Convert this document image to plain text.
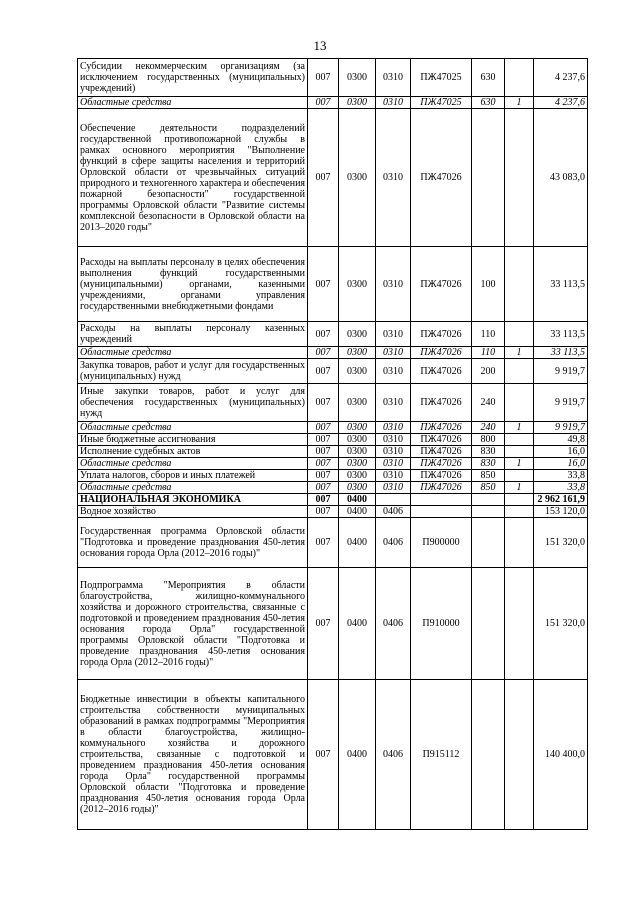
13
Субсидии некоммерческим организациям (за исключением государственных (муниципальных) учреждений)	007	0300	0310	ПЖ47025	630		4 237,6
Областные средства	007	0300	0310	ПЖ47025	630	1	4 237,6
Обеспечение деятельности подразделений государственной противопожарной службы в рамках основного мероприятия "Выполнение функций в сфере защиты населения и территорий Орловской области от чрезвычайных ситуаций природного и техногенного характера и обеспечения пожарной безопасности" государственной программы Орловской области "Развитие системы комплексной безопасности в Орловской области на 2013–2020 годы"	007	0300	0310	ПЖ47026			43 083,0
Расходы на выплаты персоналу в целях обеспечения выполнения функций государственными (муниципальными) органами, казенными учреждениями, органами управления государственными внебюджетными фондами	007	0300	0310	ПЖ47026	100		33 113,5
Расходы на выплаты персоналу казенных учреждений	007	0300	0310	ПЖ47026	110		33 113,5
Областные средства	007	0300	0310	ПЖ47026	110	1	33 113,5
Закупка товаров, работ и услуг для государственных (муниципальных) нужд	007	0300	0310	ПЖ47026	200		9 919,7
Иные закупки товаров, работ и услуг для обеспечения государственных (муниципальных) нужд	007	0300	0310	ПЖ47026	240		9 919,7
Областные средства	007	0300	0310	ПЖ47026	240	1	9 919,7
Иные бюджетные ассигнования	007	0300	0310	ПЖ47026	800		49,8
Исполнение судебных актов	007	0300	0310	ПЖ47026	830		16,0
Областные средства	007	0300	0310	ПЖ47026	830	1	16,0
Уплата налогов, сборов и иных платежей	007	0300	0310	ПЖ47026	850		33,8
Областные средства	007	0300	0310	ПЖ47026	850	1	33,8
НАЦИОНАЛЬНАЯ ЭКОНОМИКА	007	0400					2 962 161,9
Водное хозяйство	007	0400	0406				153 120,0
Государственная программа Орловской области "Подготовка и проведение празднования 450-летия основания города Орла (2012–2016 годы)"	007	0400	0406	П900000			151 320,0
Подпрограмма "Мероприятия в области благоустройства, жилищно-коммунального хозяйства и дорожного строительства, связанные с подготовкой и проведением празднования 450-летия основания города Орла" государственной программы Орловской области "Подготовка и проведение празднования 450-летия основания города Орла (2012–2016 годы)"	007	0400	0406	П910000			151 320,0
Бюджетные инвестиции в объекты капитального строительства собственности муниципальных образований в рамках подпрограммы "Мероприятия в области благоустройства, жилищно-коммунального хозяйства и дорожного строительства, связанные с подготовкой и проведением празднования 450-летия основания города Орла" государственной программы Орловской области "Подготовка и проведение празднования 450-летия основания города Орла (2012–2016 годы)"	007	0400	0406	П915112			140 400,0
